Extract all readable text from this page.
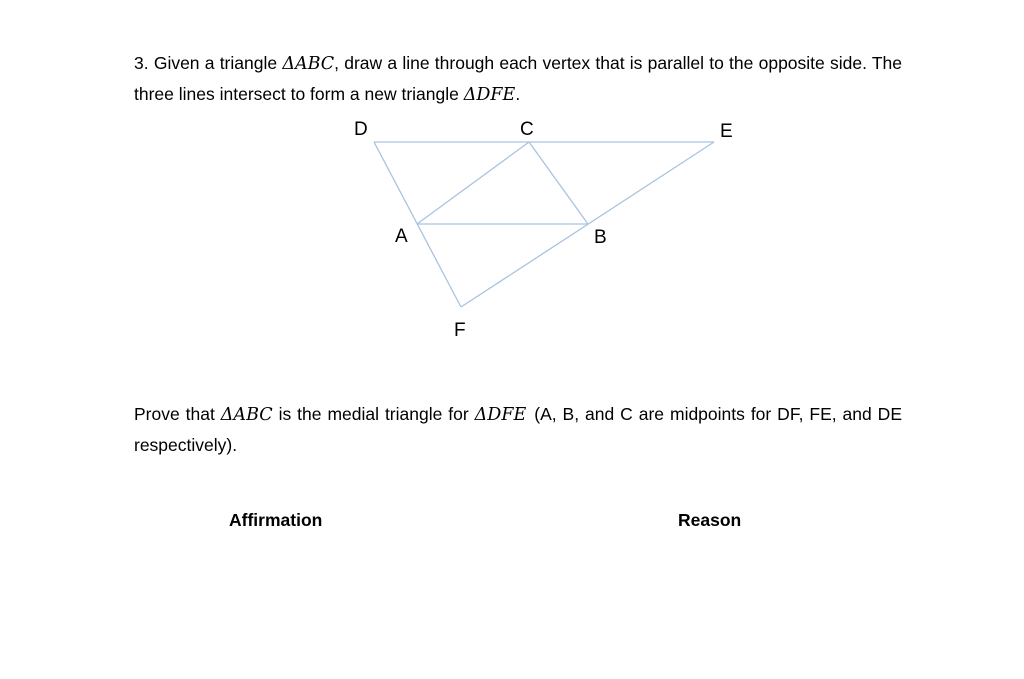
3. Given a triangle ΔABC, draw a line through each vertex that is parallel to the opposite side. The three lines intersect to form a new triangle ΔDFE.
D	C	E
A	B
F
Prove that ΔABC is the medial triangle for ΔDFE (A, B, and C are midpoints for DF, FE, and DE respectively).
Affirmation	Reason
